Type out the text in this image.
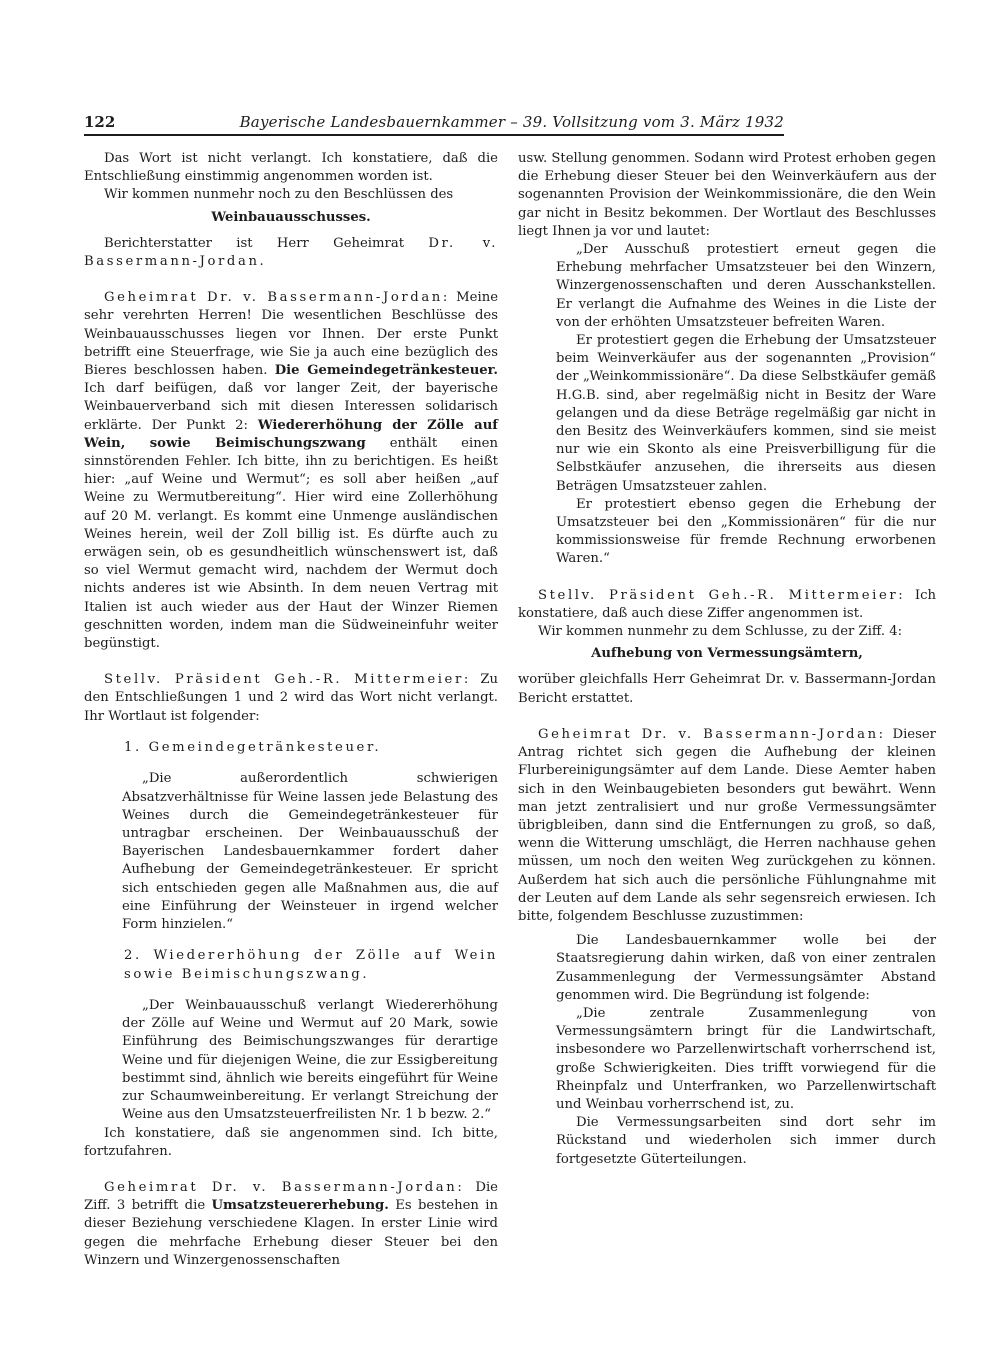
122	Bayerische Landesbauernkammer – 39. Vollsitzung vom 3. März 1932

Das Wort ist nicht verlangt. Ich konstatiere, daß die Entschließung einstimmig angenommen worden ist.

Wir kommen nunmehr noch zu den Beschlüssen des

Weinbauausschusses.

Berichterstatter ist Herr Geheimrat Dr. v. Bassermann-Jordan.

Geheimrat Dr. v. Bassermann-Jordan: Meine sehr verehrten Herren! Die wesentlichen Beschlüsse des Weinbauausschusses liegen vor Ihnen. Der erste Punkt betrifft eine Steuerfrage, wie Sie ja auch eine bezüglich des Bieres beschlossen haben. Die Gemeindegetränkesteuer. Ich darf beifügen, daß vor langer Zeit, der bayerische Weinbauerverband sich mit diesen Interessen solidarisch erklärte. Der Punkt 2: Wiedererhöhung der Zölle auf Wein, sowie Beimischungszwang enthält einen sinnstörenden Fehler. Ich bitte, ihn zu berichtigen. Es heißt hier: „auf Weine und Wermut“; es soll aber heißen „auf Weine zu Wermutbereitung“. Hier wird eine Zollerhöhung auf 20 M. verlangt. Es kommt eine Unmenge ausländischen Weines herein, weil der Zoll billig ist. Es dürfte auch zu erwägen sein, ob es gesundheitlich wünschenswert ist, daß so viel Wermut gemacht wird, nachdem der Wermut doch nichts anderes ist wie Absinth. In dem neuen Vertrag mit Italien ist auch wieder aus der Haut der Winzer Riemen geschnitten worden, indem man die Südweineinfuhr weiter begünstigt.

Stellv. Präsident Geh.-R. Mittermeier: Zu den Entschließungen 1 und 2 wird das Wort nicht verlangt. Ihr Wortlaut ist folgender:

1. Gemeindegetränkesteuer.

„Die außerordentlich schwierigen Absatzverhältnisse für Weine lassen jede Belastung des Weines durch die Gemeindegetränkesteuer für untragbar erscheinen. Der Weinbauausschuß der Bayerischen Landesbauernkammer fordert daher Aufhebung der Gemeindegetränkesteuer. Er spricht sich entschieden gegen alle Maßnahmen aus, die auf eine Einführung der Weinsteuer in irgend welcher Form hinzielen.“

2. Wiedererhöhung der Zölle auf Wein sowie Beimischungszwang.

„Der Weinbauausschuß verlangt Wiedererhöhung der Zölle auf Weine und Wermut auf 20 Mark, sowie Einführung des Beimischungszwanges für derartige Weine und für diejenigen Weine, die zur Essigbereitung bestimmt sind, ähnlich wie bereits eingeführt für Weine zur Schaumweinbereitung. Er verlangt Streichung der Weine aus den Umsatzsteuerfreilisten Nr. 1 b bezw. 2.“

Ich konstatiere, daß sie angenommen sind. Ich bitte, fortzufahren.

Geheimrat Dr. v. Bassermann-Jordan: Die Ziff. 3 betrifft die Umsatzsteuererhebung. Es bestehen in dieser Beziehung verschiedene Klagen. In erster Linie wird gegen die mehrfache Erhebung dieser Steuer bei den Winzern und Winzergenossenschaften

usw. Stellung genommen. Sodann wird Protest erhoben gegen die Erhebung dieser Steuer bei den Weinverkäufern aus der sogenannten Provision der Weinkommissionäre, die den Wein gar nicht in Besitz bekommen. Der Wortlaut des Beschlusses liegt Ihnen ja vor und lautet:

„Der Ausschuß protestiert erneut gegen die Erhebung mehrfacher Umsatzsteuer bei den Winzern, Winzergenossenschaften und deren Ausschankstellen. Er verlangt die Aufnahme des Weines in die Liste der von der erhöhten Umsatzsteuer befreiten Waren.

Er protestiert gegen die Erhebung der Umsatzsteuer beim Weinverkäufer aus der sogenannten „Provision“ der „Weinkommissionäre“. Da diese Selbstkäufer gemäß H.G.B. sind, aber regelmäßig nicht in Besitz der Ware gelangen und da diese Beträge regelmäßig gar nicht in den Besitz des Weinverkäufers kommen, sind sie meist nur wie ein Skonto als eine Preisverbilligung für die Selbstkäufer anzusehen, die ihrerseits aus diesen Beträgen Umsatzsteuer zahlen.

Er protestiert ebenso gegen die Erhebung der Umsatzsteuer bei den „Kommissionären“ für die nur kommissionsweise für fremde Rechnung erworbenen Waren.“

Stellv. Präsident Geh.-R. Mittermeier: Ich konstatiere, daß auch diese Ziffer angenommen ist.

Wir kommen nunmehr zu dem Schlusse, zu der Ziff. 4:

Aufhebung von Vermessungsämtern,

worüber gleichfalls Herr Geheimrat Dr. v. Bassermann-Jordan Bericht erstattet.

Geheimrat Dr. v. Bassermann-Jordan: Dieser Antrag richtet sich gegen die Aufhebung der kleinen Flurbereinigungsämter auf dem Lande. Diese Aemter haben sich in den Weinbaugebieten besonders gut bewährt. Wenn man jetzt zentralisiert und nur große Vermessungsämter übrigbleiben, dann sind die Entfernungen zu groß, so daß, wenn die Witterung umschlägt, die Herren nachhause gehen müssen, um noch den weiten Weg zurückgehen zu können. Außerdem hat sich auch die persönliche Fühlungnahme mit der Leuten auf dem Lande als sehr segensreich erwiesen. Ich bitte, folgendem Beschlusse zuzustimmen:

Die Landesbauernkammer wolle bei der Staatsregierung dahin wirken, daß von einer zentralen Zusammenlegung der Vermessungsämter Abstand genommen wird. Die Begründung ist folgende:

„Die zentrale Zusammenlegung von Vermessungsämtern bringt für die Landwirtschaft, insbesondere wo Parzellenwirtschaft vorherrschend ist, große Schwierigkeiten. Dies trifft vorwiegend für die Rheinpfalz und Unterfranken, wo Parzellenwirtschaft und Weinbau vorherrschend ist, zu.

Die Vermessungsarbeiten sind dort sehr im Rückstand und wiederholen sich immer durch fortgesetzte Güterteilungen.
